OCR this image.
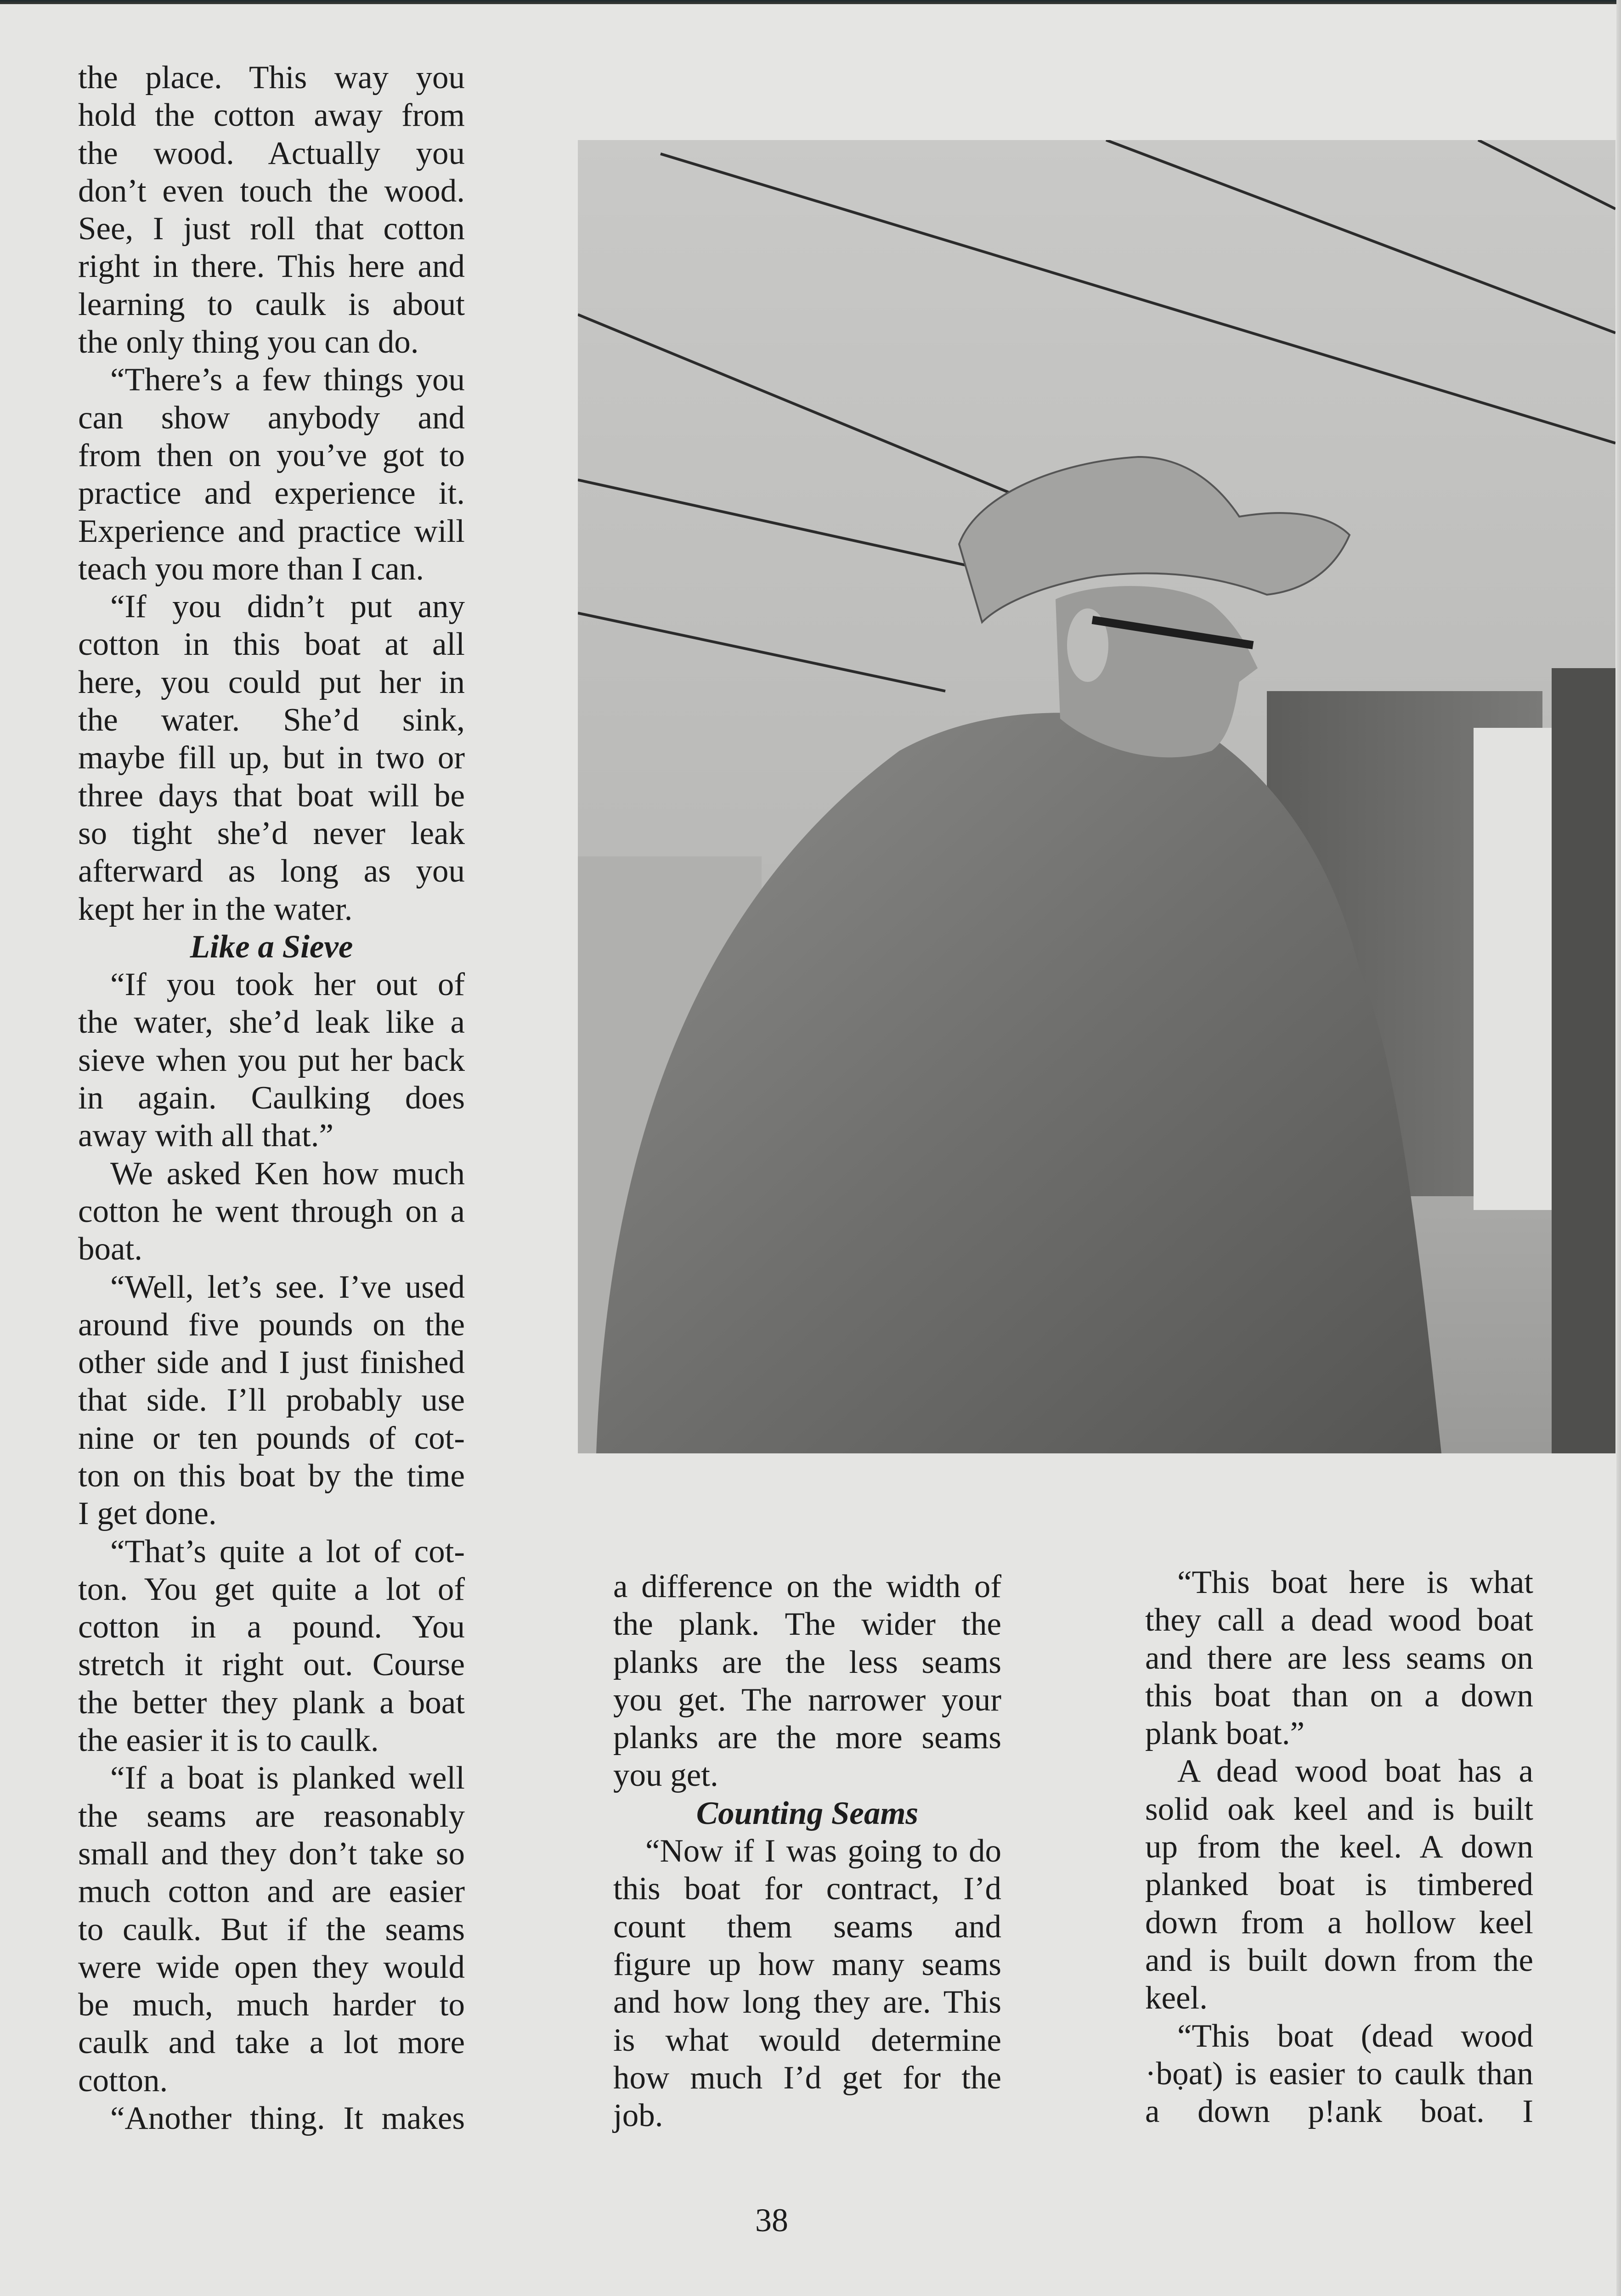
the place. This way you
hold the cotton away from
the wood. Actually you
don’t even touch the wood.
See, I just roll that cotton
right in there. This here and
learning to caulk is about
the only thing you can do.
“There’s a few things you
can show anybody and
from then on you’ve got to
practice and experience it.
Experience and practice will
teach you more than I can.
“If you didn’t put any
cotton in this boat at all
here, you could put her in
the water. She’d sink,
maybe fill up, but in two or
three days that boat will be
so tight she’d never leak
afterward as long as you
kept her in the water.
Like a Sieve
“If you took her out of
the water, she’d leak like a
sieve when you put her back
in again. Caulking does
away with all that.”
We asked Ken how much
cotton he went through on a
boat.
“Well, let’s see. I’ve used
around five pounds on the
other side and I just finished
that side. I’ll probably use
nine or ten pounds of cot-
ton on this boat by the time
I get done.
“That’s quite a lot of cot-
ton. You get quite a lot of
cotton in a pound. You
stretch it right out. Course
the better they plank a boat
the easier it is to caulk.
“If a boat is planked well
the seams are reasonably
small and they don’t take so
much cotton and are easier
to caulk. But if the seams
were wide open they would
be much, much harder to
caulk and take a lot more
cotton.
“Another thing. It makes
a difference on the width of
the plank. The wider the
planks are the less seams
you get. The narrower your
planks are the more seams
you get.
Counting Seams
“Now if I was going to do
this boat for contract, I’d
count them seams and
figure up how many seams
and how long they are. This
is what would determine
how much I’d get for the
job.
“This boat here is what
they call a dead wood boat
and there are less seams on
this boat than on a down
plank boat.”
A dead wood boat has a
solid oak keel and is built
up from the keel. A down
planked boat is timbered
down from a hollow keel
and is built down from the
keel.
“This boat (dead wood
·bọat) is easier to caulk than
a down p!ank boat. I
38
